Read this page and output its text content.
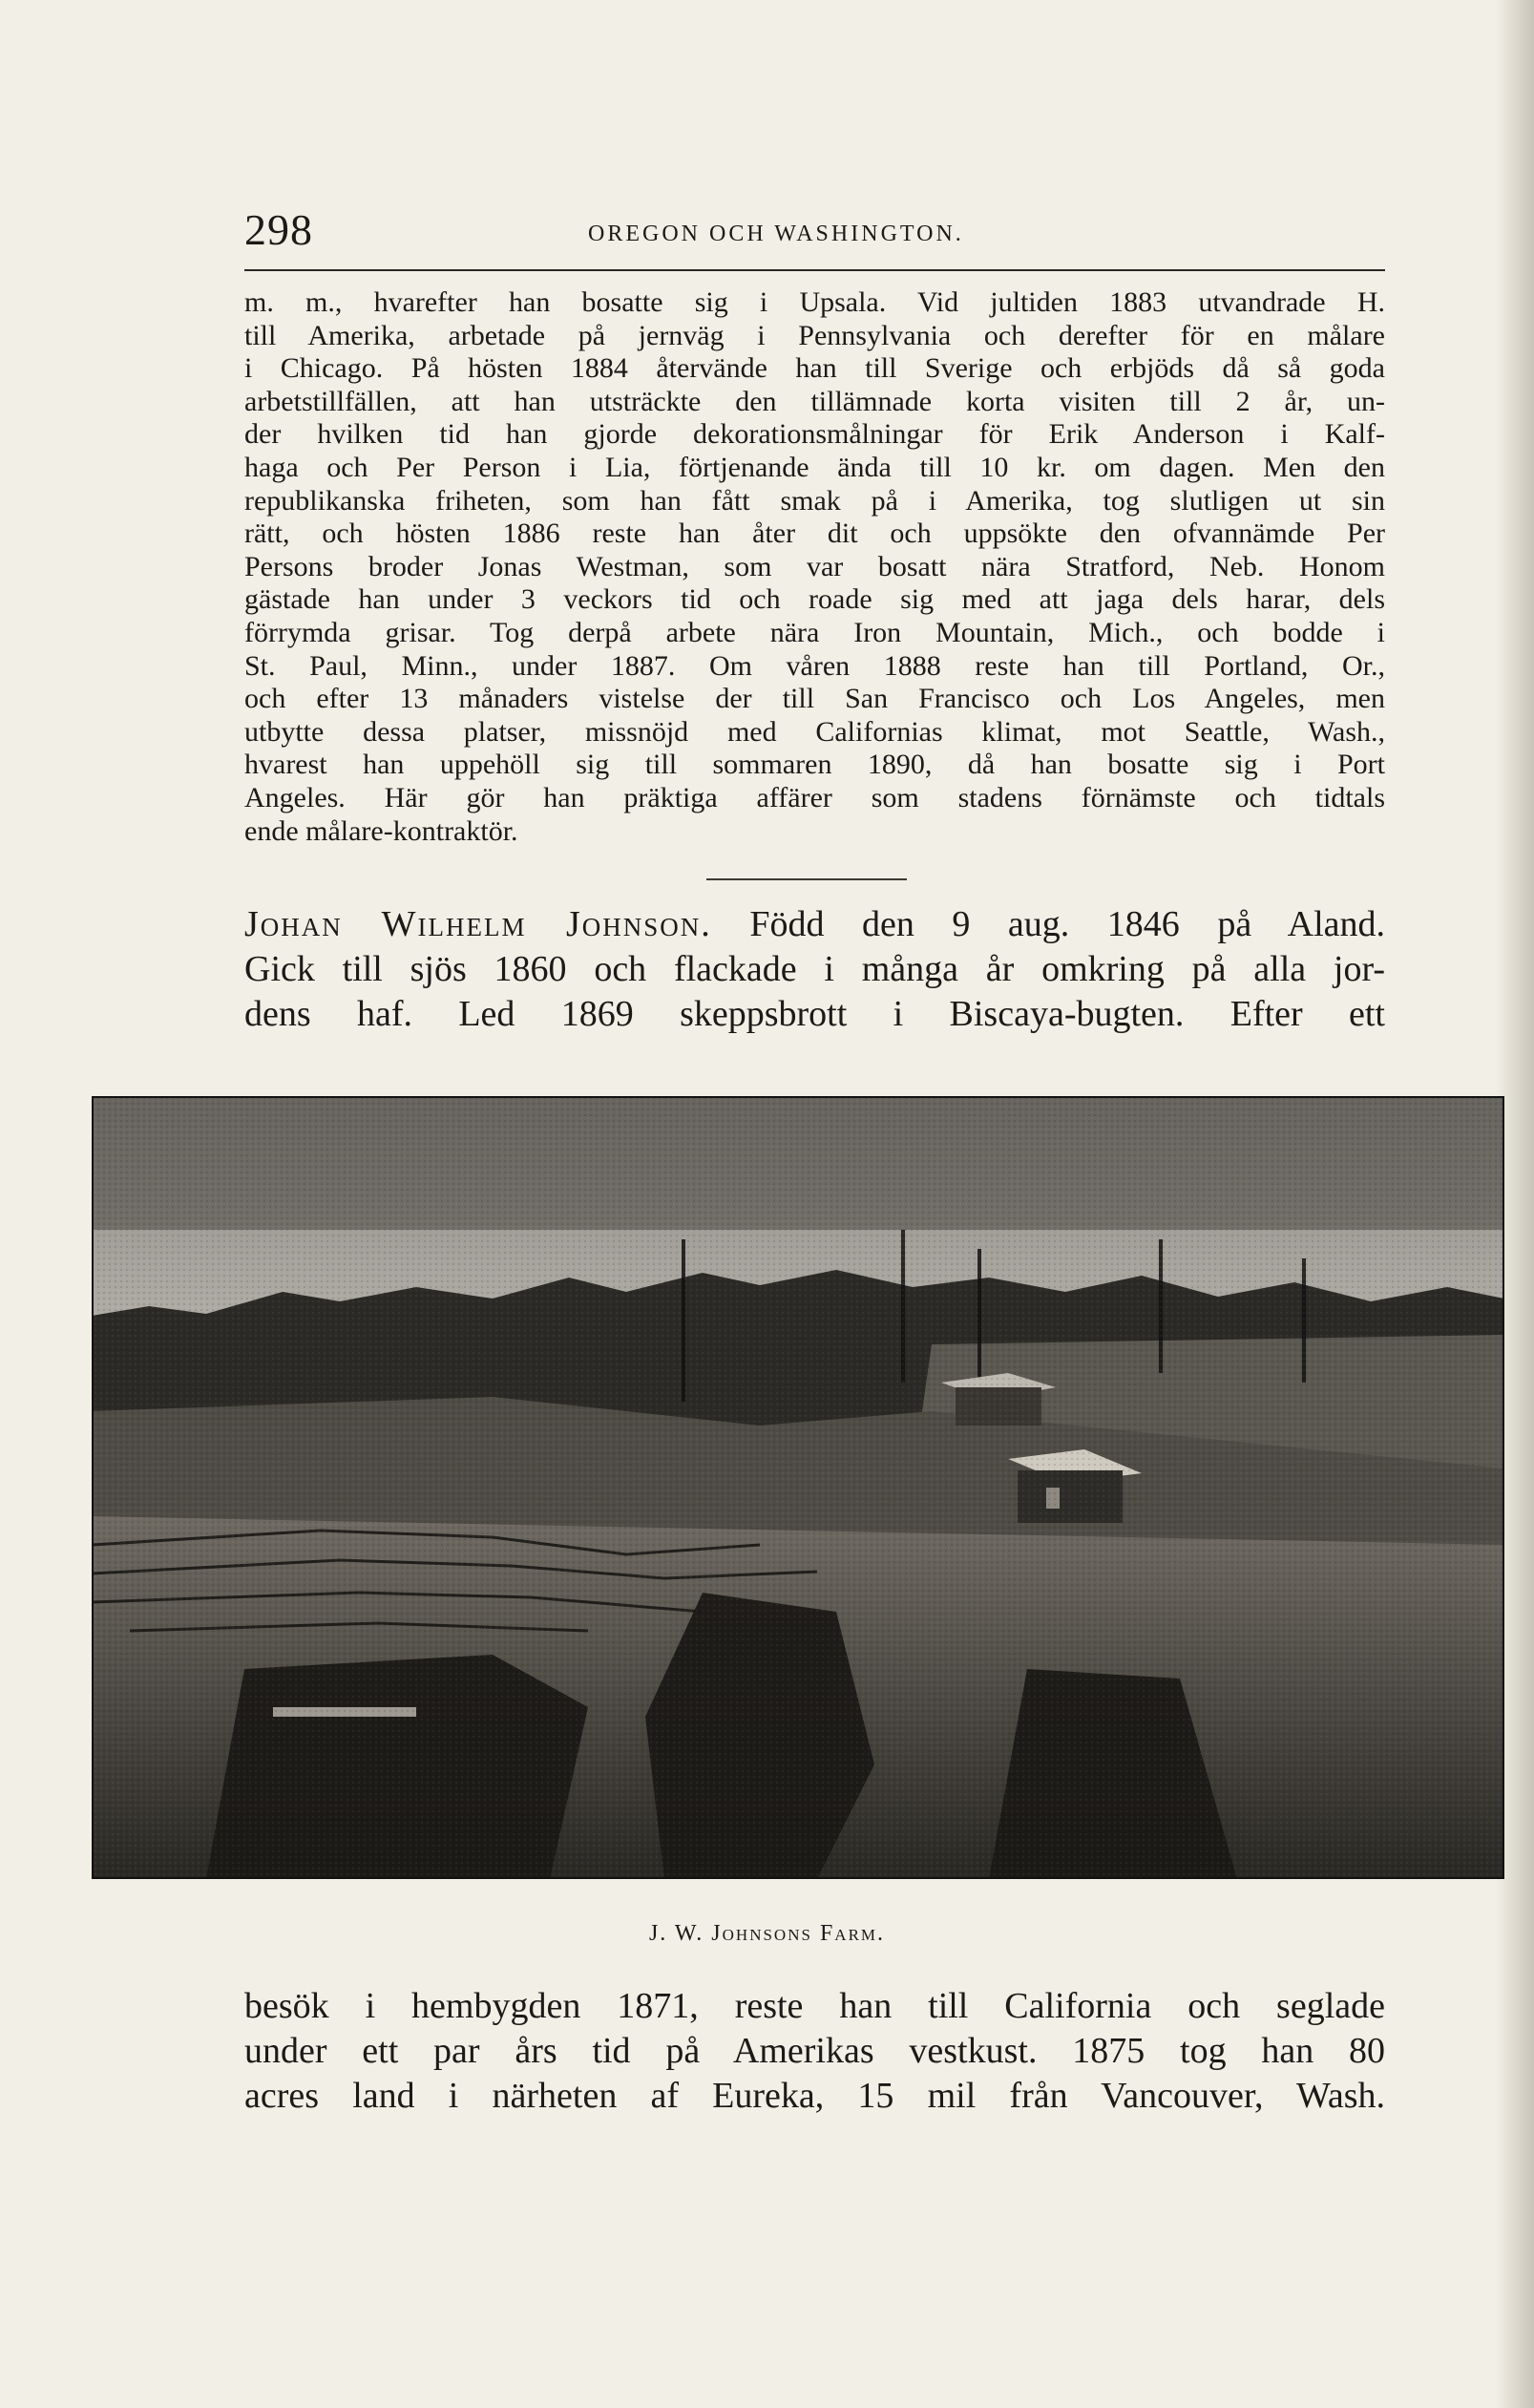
298	OREGON OCH WASHINGTON.
m. m., hvarefter han bosatte sig i Upsala. Vid jultiden 1883 utvandrade H.
till Amerika, arbetade på jernväg i Pennsylvania och derefter för en målare
i Chicago. På hösten 1884 återvände han till Sverige och erbjöds då så goda
arbetstillfällen, att han utsträckte den tillämnade korta visiten till 2 år, un-
der hvilken tid han gjorde dekorationsmålningar för Erik Anderson i Kalf-
haga och Per Person i Lia, förtjenande ända till 10 kr. om dagen. Men den
republikanska friheten, som han fått smak på i Amerika, tog slutligen ut sin
rätt, och hösten 1886 reste han åter dit och uppsökte den ofvannämde Per
Persons broder Jonas Westman, som var bosatt nära Stratford, Neb. Honom
gästade han under 3 veckors tid och roade sig med att jaga dels harar, dels
förrymda grisar. Tog derpå arbete nära Iron Mountain, Mich., och bodde i
St. Paul, Minn., under 1887. Om våren 1888 reste han till Portland, Or.,
och efter 13 månaders vistelse der till San Francisco och Los Angeles, men
utbytte dessa platser, missnöjd med Californias klimat, mot Seattle, Wash.,
hvarest han uppehöll sig till sommaren 1890, då han bosatte sig i Port
Angeles. Här gör han präktiga affärer som stadens förnämste och tidtals
ende målare-kontraktör.
Johan Wilhelm Johnson. Född den 9 aug. 1846 på Aland.
Gick till sjös 1860 och flackade i många år omkring på alla jor-
dens haf. Led 1869 skeppsbrott i Biscaya-bugten. Efter ett
J. W. Johnsons Farm.
besök i hembygden 1871, reste han till California och seglade
under ett par års tid på Amerikas vestkust. 1875 tog han 80
acres land i närheten af Eureka, 15 mil från Vancouver, Wash.
